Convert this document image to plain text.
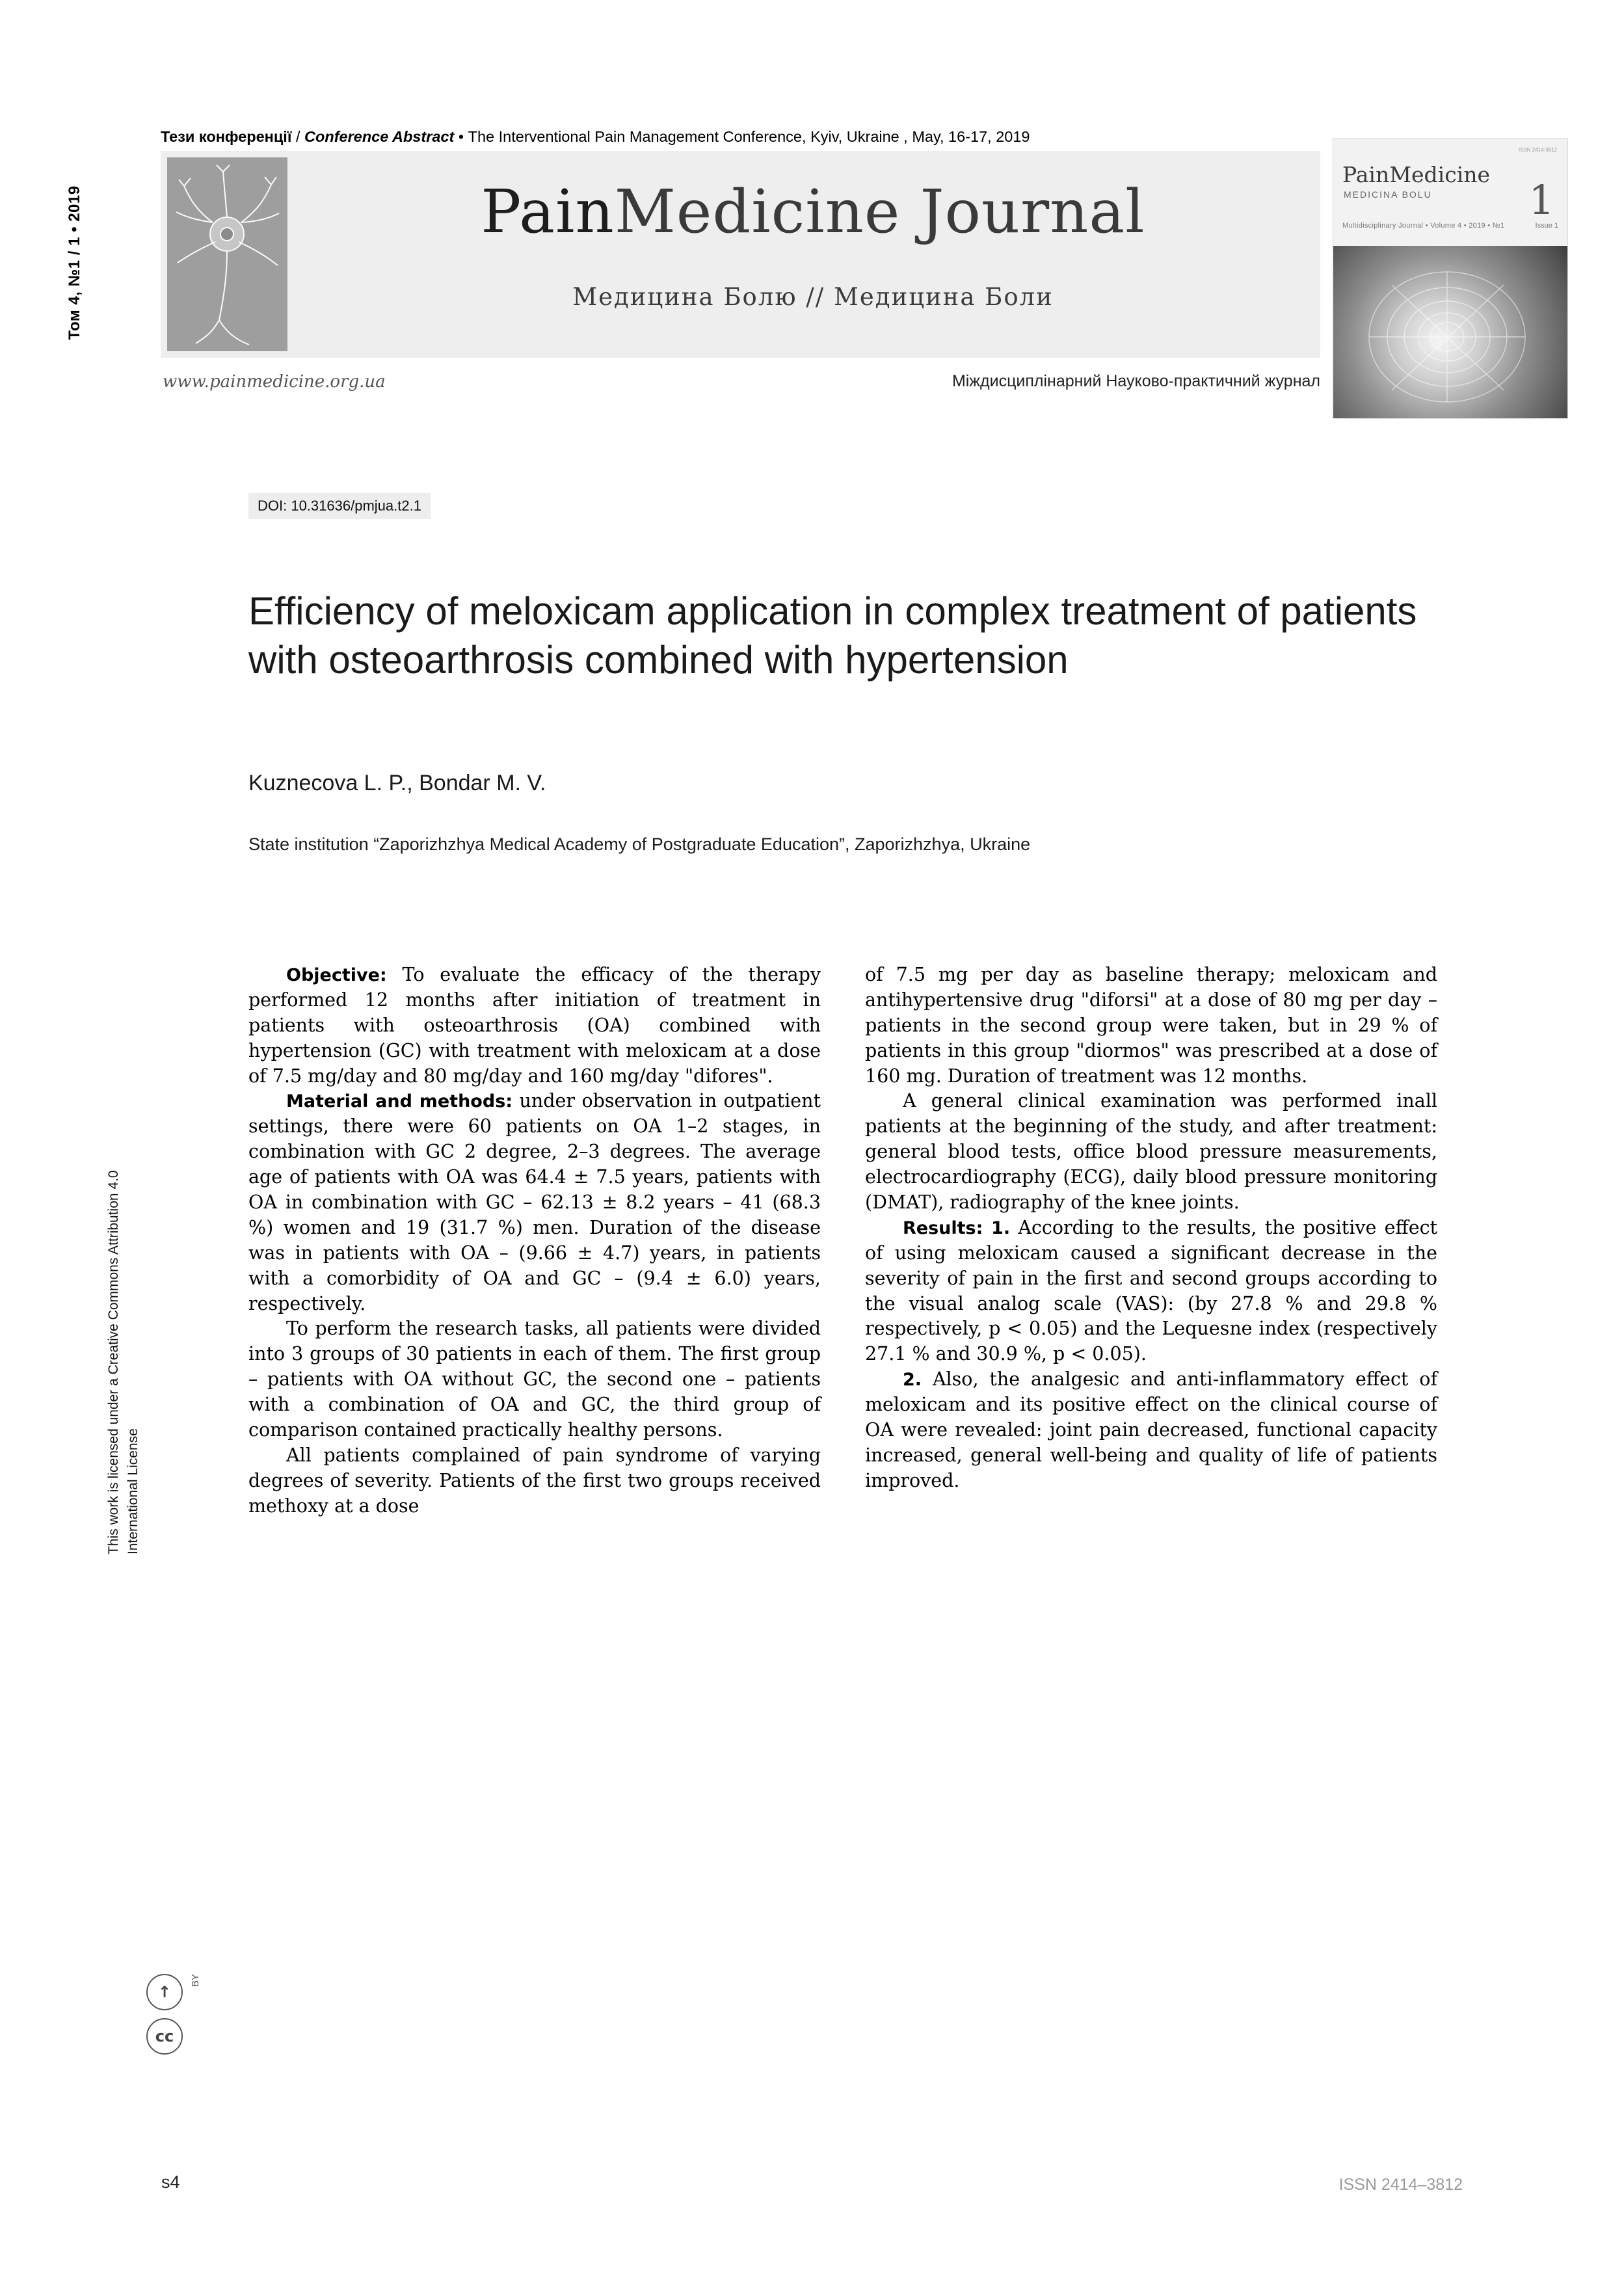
Тези конференції / Conference Abstract • The Interventional Pain Management Conference, Kyiv, Ukraine , May, 16-17, 2019
Том 4, №1 / 1 • 2019	PainMedicine Journal
Медицина Болю // Медицина Боли
www.painmedicine.org.ua	Міждисциплінарний Науково-практичний журнал
ISSN 2414-3812
PainMedicine
MEDICINA BOLU 1
Multidisciplinary Journal • Volume 4 • 2019 • №1	Issue 1
DOI: 10.31636/pmjua.t2.1
Efficiency of meloxicam application in complex treatment of patients with osteoarthrosis combined with hypertension
Kuznecova L. P., Bondar M. V.
State institution “Zaporizhzhya Medical Academy of Postgraduate Education”, Zaporizhzhya, Ukraine

Objective: To evaluate the efficacy of the therapy performed 12 months after initiation of treatment in patients with osteoarthrosis (OA) combined with hypertension (GC) with treatment with meloxicam at a dose of 7.5 mg/day and 80 mg/day and 160 mg/day "difores".

Material and methods: under observation in outpatient settings, there were 60 patients on OA 1–2 stages, in combination with GC 2 degree, 2–3 degrees. The average age of patients with OA was 64.4 ± 7.5 years, patients with OA in combination with GC – 62.13 ± 8.2 years – 41 (68.3 %) women and 19 (31.7 %) men. Duration of the disease was in patients with OA – (9.66 ± 4.7) years, in patients with a comorbidity of OA and GC – (9.4 ± 6.0) years, respectively.

To perform the research tasks, all patients were divided into 3 groups of 30 patients in each of them. The first group – patients with OA without GC, the second one – patients with a combination of OA and GC, the third group of comparison contained practically healthy persons.

All patients complained of pain syndrome of varying degrees of severity. Patients of the first two groups received methoxy at a dose

of 7.5 mg per day as baseline therapy; meloxicam and antihypertensive drug "diforsi" at a dose of 80 mg per day – patients in the second group were taken, but in 29 % of patients in this group "diormos" was prescribed at a dose of 160 mg. Duration of treatment was 12 months.

A general clinical examination was performed inall patients at the beginning of the study, and after treatment: general blood tests, office blood pressure measurements, electrocardiography (ECG), daily blood pressure monitoring (DMAT), radiography of the knee joints.

Results: 1. According to the results, the positive effect of using meloxicam caused a significant decrease in the severity of pain in the first and second groups according to the visual analog scale (VAS): (by 27.8 % and 29.8 % respectively, p < 0.05) and the Lequesne index (respectively 27.1 % and 30.9 %, p < 0.05).

2. Also, the analgesic and anti-inflammatory effect of meloxicam and its positive effect on the clinical course of OA were revealed: joint pain decreased, functional capacity increased, general well-being and quality of life of patients improved.

This work is licensed under a Creative Commons Attribution 4.0 International License
↑
cc
BY
s4	ISSN 2414–3812
